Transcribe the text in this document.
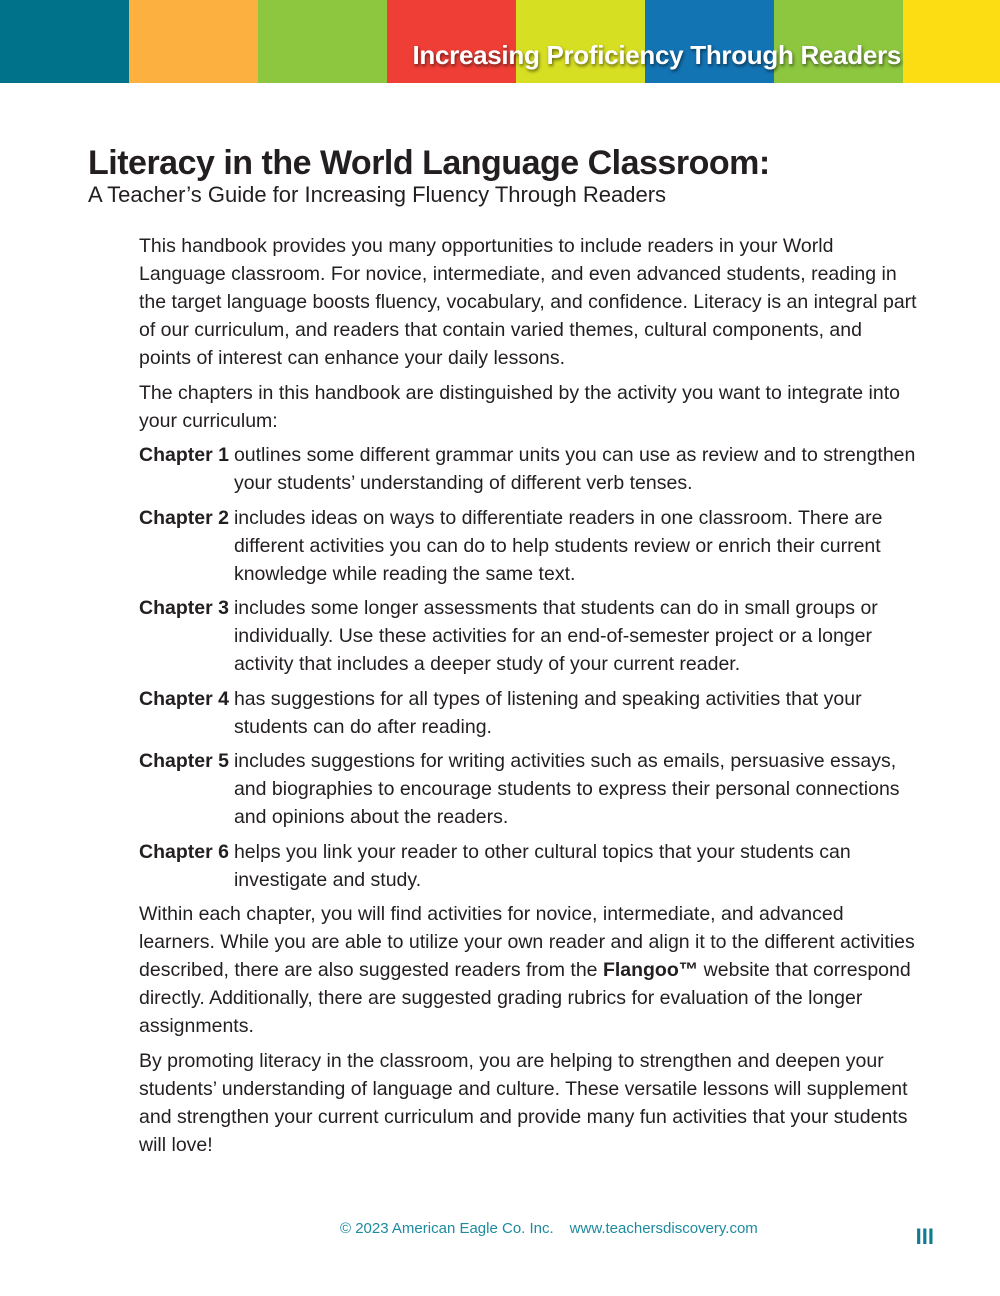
Increasing Proficiency Through Readers
Literacy in the World Language Classroom:
A Teacher’s Guide for Increasing Fluency Through Readers

This handbook provides you many opportunities to include readers in your World Language classroom. For novice, intermediate, and even advanced students, reading in the target language boosts fluency, vocabulary, and confidence. Literacy is an integral part of our curriculum, and readers that contain varied themes, cultural components, and points of interest can enhance your daily lessons.

The chapters in this handbook are distinguished by the activity you want to integrate into your curriculum:

Chapter 1 outlines some different grammar units you can use as review and to strengthen your students’ understanding of different verb tenses.
Chapter 2 includes ideas on ways to differentiate readers in one classroom. There are different activities you can do to help students review or enrich their current knowledge while reading the same text.
Chapter 3 includes some longer assessments that students can do in small groups or individually. Use these activities for an end-of-semester project or a longer activity that includes a deeper study of your current reader.
Chapter 4 has suggestions for all types of listening and speaking activities that your students can do after reading.
Chapter 5 includes suggestions for writing activities such as emails, persuasive essays, and biographies to encourage students to express their personal connections and opinions about the readers.
Chapter 6 helps you link your reader to other cultural topics that your students can investigate and study.

Within each chapter, you will find activities for novice, intermediate, and advanced learners. While you are able to utilize your own reader and align it to the different activities described, there are also suggested readers from the Flangoo™ website that correspond directly. Additionally, there are suggested grading rubrics for evaluation of the longer assignments.

By promoting literacy in the classroom, you are helping to strengthen and deepen your students’ understanding of language and culture. These versatile lessons will supplement and strengthen your current curriculum and provide many fun activities that your students will love!

© 2023 American Eagle Co. Inc. www.teachersdiscovery.com	III
